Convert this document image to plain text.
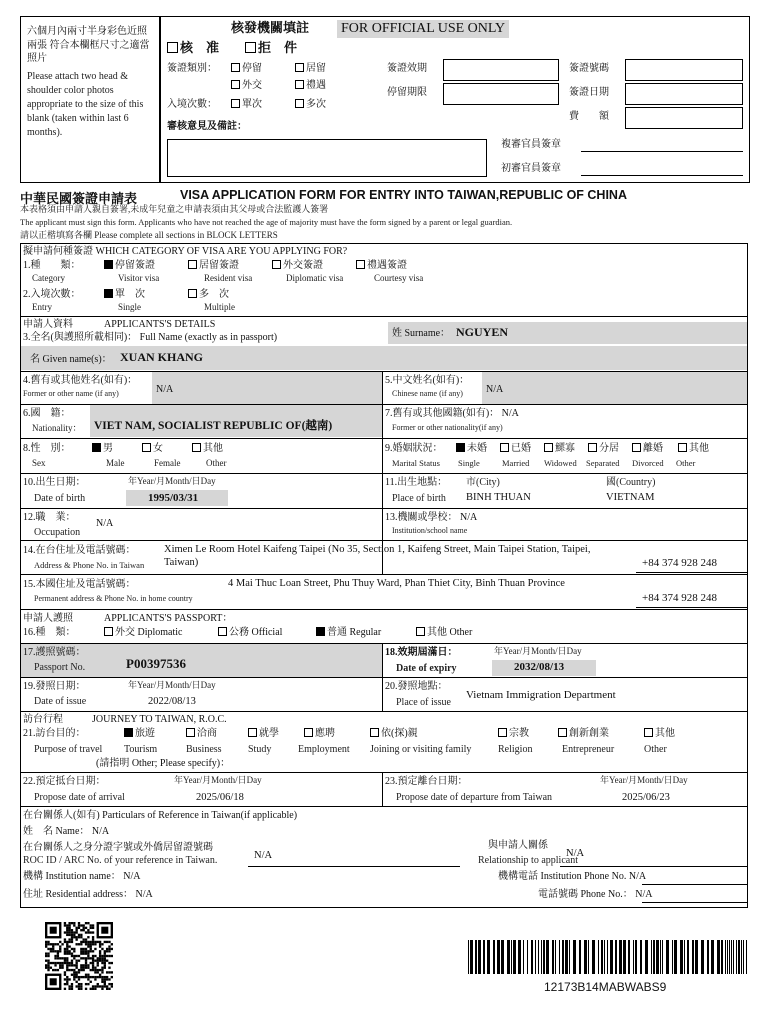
六個月內兩寸半身彩色近照兩張 符合本欄框尺寸之適當照片
Please attach two head & shoulder color photos appropriate to the size of this blank (taken within last 6 months).
核發機關填註 FOR OFFICIAL USE ONLY
核　准	拒　件
簽證類別：	停留	居留
外交	禮遇
入境次數：	單次	多次
審核意見及備註：
簽證效期
停留期限
簽證號碼
簽證日期
費　　額
複審官員簽章
初審官員簽章
中華民國簽證申請表	VISA APPLICATION FORM FOR ENTRY INTO TAIWAN,REPUBLIC OF CHINA
本表格須由申請人親自簽署,未成年兒童之申請表須由其父母或合法監護人簽署
The applicant must sign this form. Applicants who have not reached the age of majority must have the form signed by a parent or legal guardian.
請以正楷填寫各欄 Please complete all sections in BLOCK LETTERS
擬申請何種簽證 WHICH CATEGORY OF VISA ARE YOU APPLYING FOR?
1.種　　類：
Category
停留簽證
Visitor visa
居留簽證
Resident visa
外交簽證
Diplomatic visa
禮遇簽證
Courtesy visa
2.入境次數：
Entry
單　次
Single
多　次
Multiple
申請人資料	APPLICANTS'S DETAILS
3.全名(與護照所載相同)： Full Name (exactly as in passport)	姓 Surname： NGUYEN
名 Given name(s)： XUAN KHANG
4.舊有或其他姓名(如有)：
Former or other name (if any)	N/A
5.中文姓名(如有)：
Chinese name (if any) N/A
6.國　籍：
Nationality： VIET NAM, SOCIALIST REPUBLIC OF(越南)
7.舊有或其他國籍(如有)： N/A
Former or other nationality(if any)
8.性　別：
Sex
男
Male
女
Female
其他
Other
9.婚姻狀況：
Marital Status
未婚
Single
已婚
Married
鰥寡
Widowed
分居
Separated
離婚
Divorced
其他
Other
10.出生日期：	年Year/月Month/日Day
Date of birth	1995/03/31
11.出生地點： 市(City)	國(Country)
Place of birth BINH THUAN	VIETNAM
12.職　業：
N/A
Occupation
13.機關或學校： N/A
Institution/school name
14.在台住址及電話號碼：	Ximen Le Room Hotel Kaifeng Taipei (No 35, Section 1, Kaifeng Street, Main Taipei Station, Taipei,
Address & Phone No. in Taiwan Taiwan)	+84 374 928 248
15.本國住址及電話號碼：	4 Mai Thuc Loan Street, Phu Thuy Ward, Phan Thiet City, Binh Thuan Province
Permanent address & Phone No. in home country	+84 374 928 248
申請人護照	APPLICANTS'S PASSPORT：
16.種　類：	外交 Diplomatic	公務 Official	普通 Regular	其他 Other
17.護照號碼：
Passport No.	P00397536
18.效期屆滿日：	年Year/月Month/日Day
Date of expiry	2032/08/13
19.發照日期：	年Year/月Month/日Day
Date of issue	2022/08/13
20.發照地點：
Vietnam Immigration Department
Place of issue
訪台行程	JOURNEY TO TAIWAN, R.O.C.
21.訪台目的：
Purpose of travel
旅遊
Tourism
洽商
Business
就學
Study
應聘
Employment
依(探)親
Joining or visiting family
宗教
Religion
創新創業
Entrepreneur
其他
Other
(請指明 Other; Please specify)：
22.預定抵台日期：	年Year/月Month/日Day
Propose date of arrival	2025/06/18
23.預定離台日期：	年Year/月Month/日Day
Propose date of departure from Taiwan	2025/06/23
在台關係人(如有) Particulars of Reference in Taiwan(if applicable)
姓　名 Name： N/A
在台關係人之身分證字號或外僑居留證號碼
ROC ID / ARC No. of your reference in Taiwan.	N/A
與申請人關係
Relationship to applicant
N/A
機構 Institution name： N/A	機構電話 Institution Phone No. N/A
住址 Residential address： N/A	電話號碼 Phone No.： N/A
12173B14MABWABS9
